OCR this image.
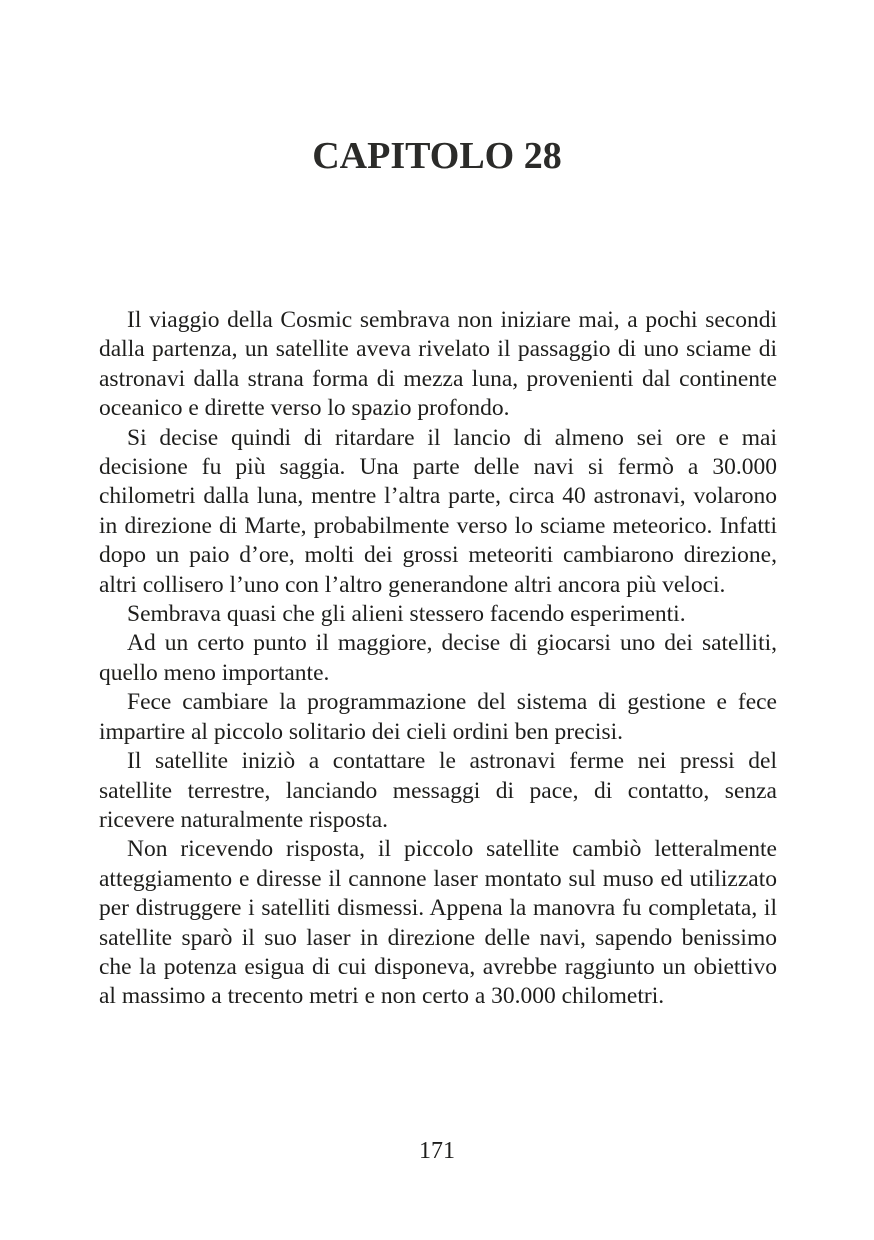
CAPITOLO 28

Il viaggio della Cosmic sembrava non iniziare mai, a pochi secondi dalla partenza, un satellite aveva rivelato il passaggio di uno sciame di astronavi dalla strana forma di mezza luna, provenienti dal continente oceanico e dirette verso lo spazio profondo.

Si decise quindi di ritardare il lancio di almeno sei ore e mai decisione fu più saggia. Una parte delle navi si fermò a 30.000 chilometri dalla luna, mentre l’altra parte, circa 40 astronavi, volarono in direzione di Marte, probabilmente verso lo sciame meteorico. Infatti dopo un paio d’ore, molti dei grossi meteoriti cambiarono direzione, altri collisero l’uno con l’altro generandone altri ancora più veloci.

Sembrava quasi che gli alieni stessero facendo esperimenti.

Ad un certo punto il maggiore, decise di giocarsi uno dei satelliti, quello meno importante.

Fece cambiare la programmazione del sistema di gestione e fece impartire al piccolo solitario dei cieli ordini ben precisi.

Il satellite iniziò a contattare le astronavi ferme nei pressi del satellite terrestre, lanciando messaggi di pace, di contatto, senza ricevere naturalmente risposta.

Non ricevendo risposta, il piccolo satellite cambiò letteralmente atteggiamento e diresse il cannone laser montato sul muso ed utilizzato per distruggere i satelliti dismessi. Appena la manovra fu completata, il satellite sparò il suo laser in direzione delle navi, sapendo benissimo che la potenza esigua di cui disponeva, avrebbe raggiunto un obiettivo al massimo a trecento metri e non certo a 30.000 chilometri.

171
